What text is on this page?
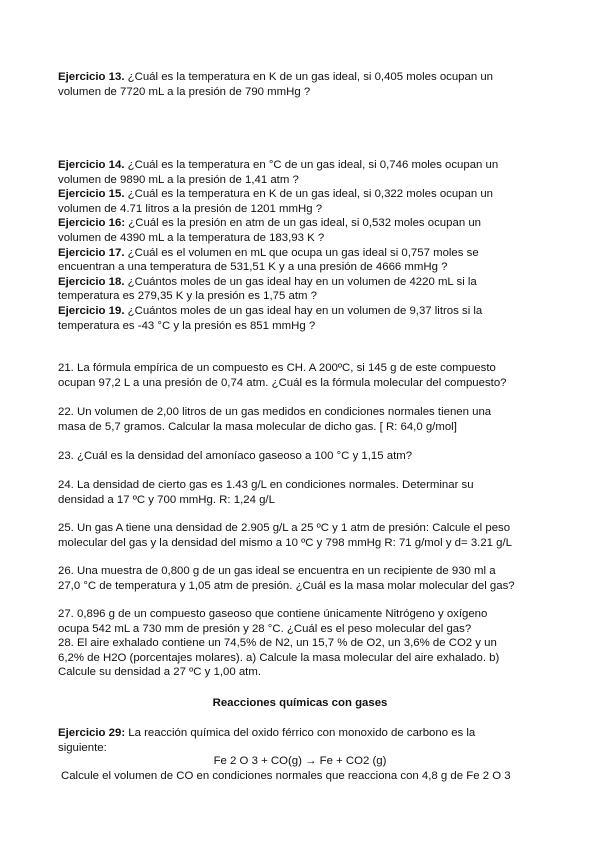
Ejercicio 13. ¿Cuál es la temperatura en K de un gas ideal, si 0,405 moles ocupan un
volumen de 7720 mL a la presión de 790 mmHg ?
Ejercicio 14. ¿Cuál es la temperatura en °C de un gas ideal, si 0,746 moles ocupan un
volumen de 9890 mL a la presión de 1,41 atm ?
Ejercicio 15. ¿Cuál es la temperatura en K de un gas ideal, si 0,322 moles ocupan un
volumen de 4.71 litros a la presión de 1201 mmHg ?
Ejercicio 16: ¿Cuál es la presión en atm de un gas ideal, si 0,532 moles ocupan un
volumen de 4390 mL a la temperatura de 183,93 K ?
Ejercicio 17. ¿Cuál es el volumen en mL que ocupa un gas ideal si 0,757 moles se
encuentran a una temperatura de 531,51 K y a una presión de 4666 mmHg ?
Ejercicio 18. ¿Cuántos moles de un gas ideal hay en un volumen de 4220 mL si la
temperatura es 279,35 K y la presión es 1,75 atm ?
Ejercicio 19. ¿Cuántos moles de un gas ideal hay en un volumen de 9,37 litros si la
temperatura es -43 °C y la presión es 851 mmHg ?
21. La fórmula empírica de un compuesto es CH. A 200ºC, si 145 g de este compuesto
ocupan 97,2 L a una presión de 0,74 atm. ¿Cuál es la fórmula molecular del compuesto?
22. Un volumen de 2,00 litros de un gas medidos en condiciones normales tienen una
masa de 5,7 gramos. Calcular la masa molecular de dicho gas. [ R: 64,0 g/mol]
23. ¿Cuál es la densidad del amoníaco gaseoso a 100 °C y 1,15 atm?
24. La densidad de cierto gas es 1.43 g/L en condiciones normales. Determinar su
densidad a 17 ºC y 700 mmHg. R: 1,24 g/L
25. Un gas A tiene una densidad de 2.905 g/L a 25 ºC y 1 atm de presión: Calcule el peso
molecular del gas y la densidad del mismo a 10 ºC y 798 mmHg R: 71 g/mol y d= 3.21 g/L
26. Una muestra de 0,800 g de un gas ideal se encuentra en un recipiente de 930 ml a
27,0 °C de temperatura y 1,05 atm de presión. ¿Cuál es la masa molar molecular del gas?
27. 0,896 g de un compuesto gaseoso que contiene únicamente Nitrógeno y oxígeno
ocupa 542 mL a 730 mm de presión y 28 °C. ¿Cuál es el peso molecular del gas?
28. El aire exhalado contiene un 74,5% de N2, un 15,7 % de O2, un 3,6% de CO2 y un
6,2% de H2O (porcentajes molares). a) Calcule la masa molecular del aire exhalado. b)
Calcule su densidad a 27 ºC y 1,00 atm.
Reacciones químicas con gases
Ejercicio 29: La reacción química del oxido férrico con monoxido de carbono es la
siguiente:
Fe 2 O 3 + CO(g) → Fe + CO2 (g)
Calcule el volumen de CO en condiciones normales que reacciona con 4,8 g de Fe 2 O 3
